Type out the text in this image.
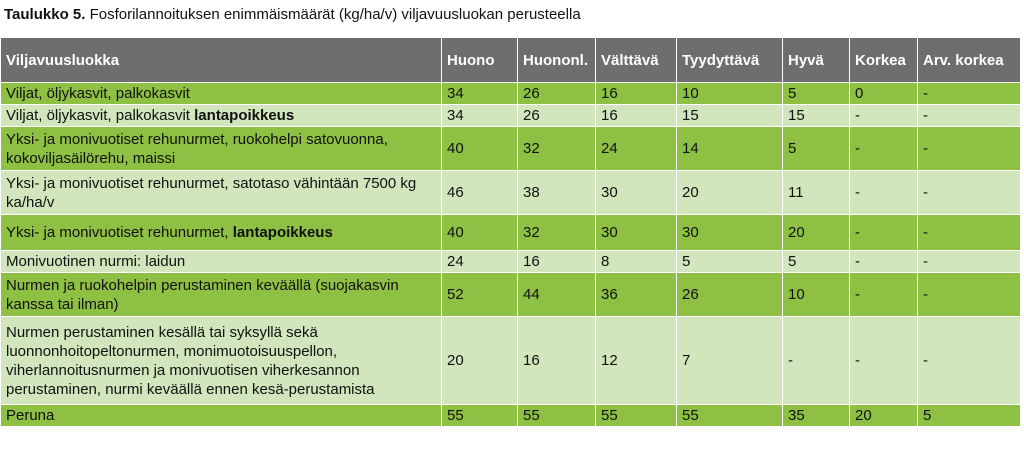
Taulukko 5. Fosforilannoituksen enimmäismäärät (kg/ha/v) viljavuusluokan perusteella
Viljavuusluokka	Huono	Huononl.	Välttävä	Tyydyttävä	Hyvä	Korkea	Arv. korkea
Viljat, öljykasvit, palkokasvit	34	26	16	10	5	0	-
Viljat, öljykasvit, palkokasvit lantapoikkeus	34	26	16	15	15	-	-
Yksi- ja monivuotiset rehunurmet, ruokohelpi satovuonna, kokoviljasäilörehu, maissi	40	32	24	14	5	-	-
Yksi- ja monivuotiset rehunurmet, satotaso vähintään 7500 kg ka/ha/v	46	38	30	20	11	-	-
Yksi- ja monivuotiset rehunurmet, lantapoikkeus	40	32	30	30	20	-	-
Monivuotinen nurmi: laidun	24	16	8	5	5	-	-
Nurmen ja ruokohelpin perustaminen keväällä (suojakasvin kanssa tai ilman)	52	44	36	26	10	-	-
Nurmen perustaminen kesällä tai syksyllä sekä luonnonhoitopeltonurmen, monimuotoisuuspellon, viherlannoitusnurmen ja monivuotisen viherkesannon perustaminen, nurmi keväällä ennen kesä-perustamista	20	16	12	7	-	-	-
Peruna	55	55	55	55	35	20	5
